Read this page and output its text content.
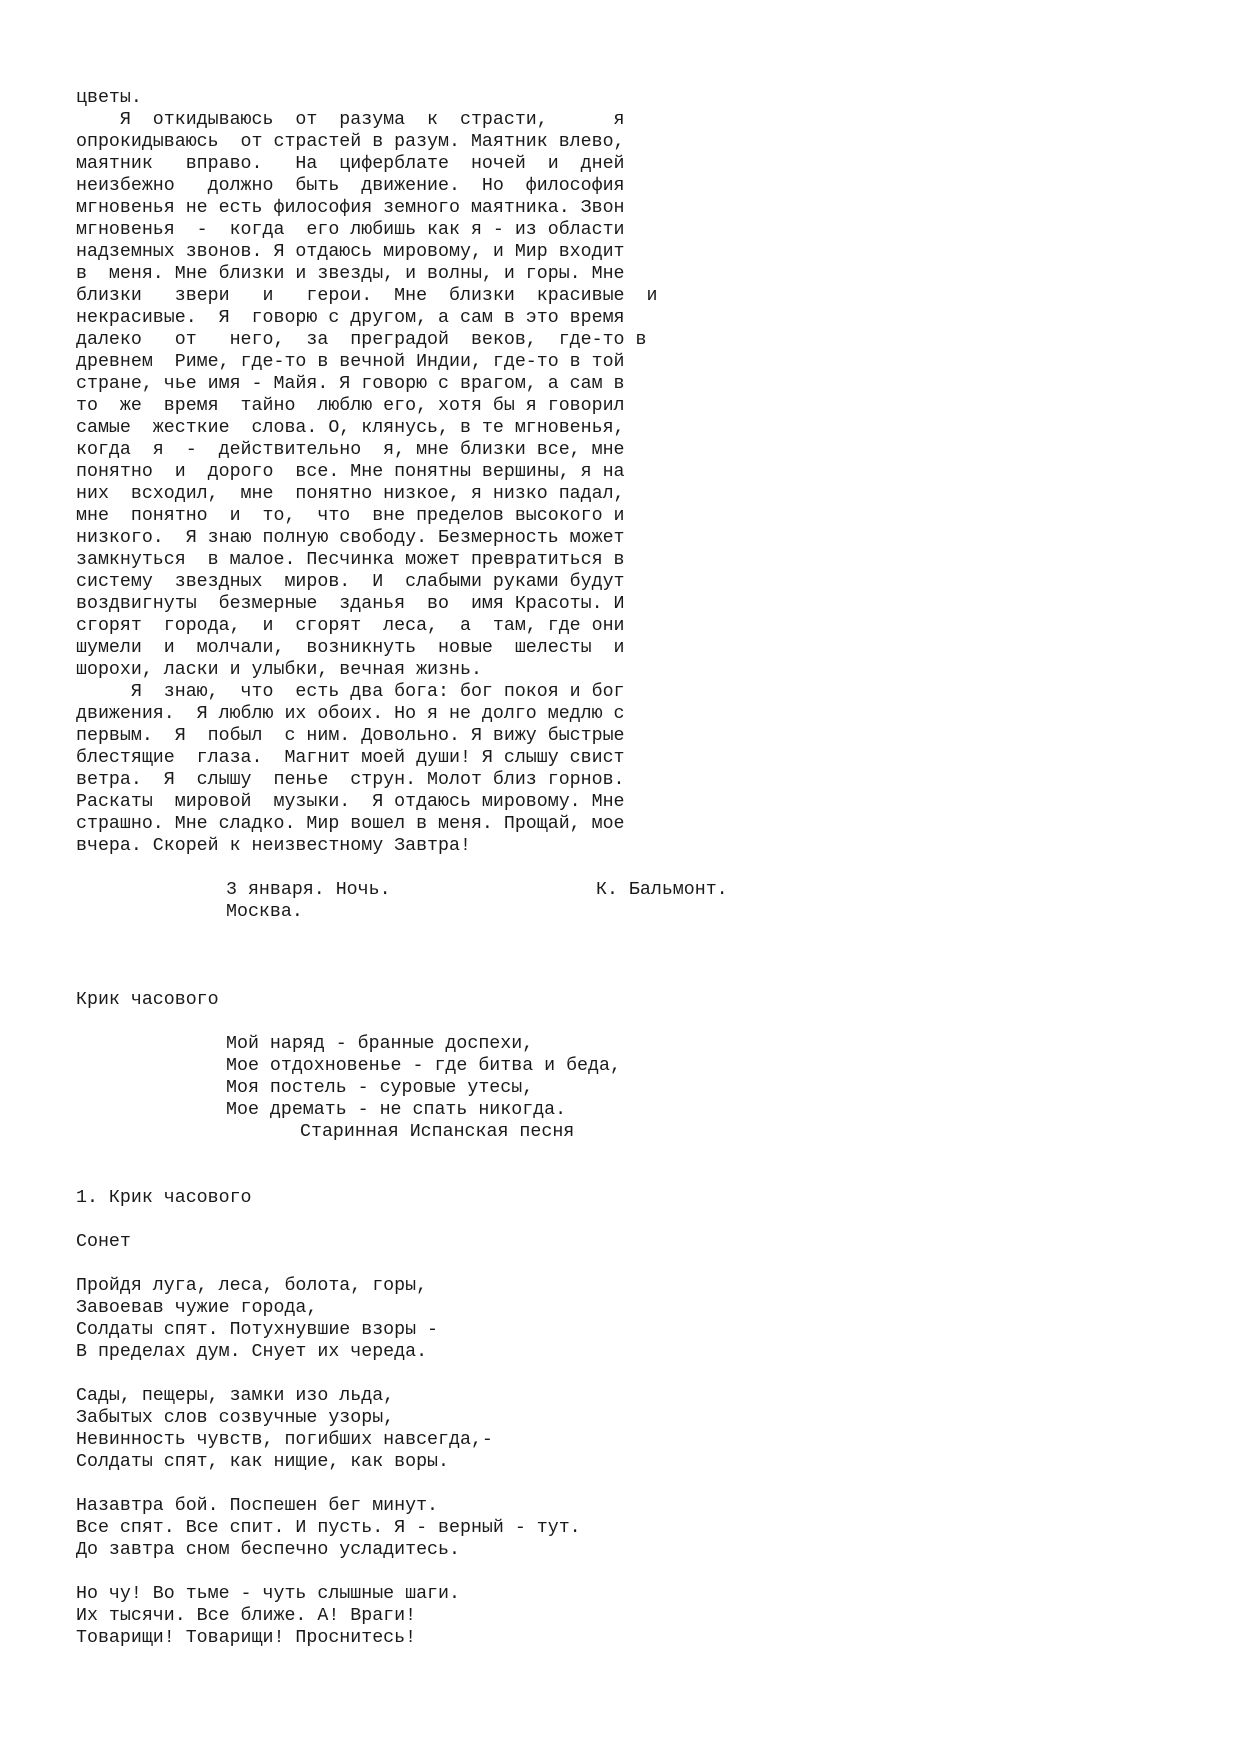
цветы.
Я  откидываюсь  от  разума  к  страсти,      я
опрокидываюсь  от страстей в разум. Маятник влево,
маятник   вправо.   На  циферблате  ночей  и  дней
неизбежно   должно  быть  движение.  Но  философия
мгновенья не есть философия земного маятника. Звон
мгновенья  -  когда  его любишь как я - из области
надземных звонов. Я отдаюсь мировому, и Мир входит
в  меня. Мне близки и звезды, и волны, и горы. Мне
близки   звери   и   герои.  Мне  близки  красивые  и
некрасивые.  Я  говорю с другом, а сам в это время
далеко   от   него,  за  преградой  веков,  где-то в
древнем  Риме, где-то в вечной Индии, где-то в той
стране, чье имя - Майя. Я говорю с врагом, а сам в
то  же  время  тайно  люблю его, хотя бы я говорил
самые  жесткие  слова. О, клянусь, в те мгновенья,
когда  я  -  действительно  я, мне близки все, мне
понятно  и  дорого  все. Мне понятны вершины, я на
них  всходил,  мне  понятно низкое, я низко падал,
мне  понятно  и  то,  что  вне пределов высокого и
низкого.  Я знаю полную свободу. Безмерность может
замкнуться  в малое. Песчинка может превратиться в
систему  звездных  миров.  И  слабыми руками будут
воздвигнуты  безмерные  зданья  во  имя Красоты. И
сгорят  города,  и  сгорят  леса,  а  там, где они
шумели  и  молчали,  возникнуть  новые  шелесты  и
шорохи, ласки и улыбки, вечная жизнь.
Я  знаю,  что  есть два бога: бог покоя и бог
движения.  Я люблю их обоих. Но я не долго медлю с
первым.  Я  побыл  с ним. Довольно. Я вижу быстрые
блестящие  глаза.  Магнит моей души! Я слышу свист
ветра.  Я  слышу  пенье  струн. Молот близ горнов.
Раскаты  мировой  музыки.  Я отдаюсь мировому. Мне
страшно. Мне сладко. Мир вошел в меня. Прощай, мое
вчера. Скорей к неизвестному Завтра!
3 января. Ночь.	К. Бальмонт.
Москва.
Крик часового
Мой наряд - бранные доспехи,
Мое отдохновенье - где битва и беда,
Моя постель - суровые утесы,
Мое дремать - не спать никогда.
Старинная Испанская песня
1. Крик часового
Сонет
Пройдя луга, леса, болота, горы,
Завоевав чужие города,
Солдаты спят. Потухнувшие взоры -
В пределах дум. Снует их череда.
Сады, пещеры, замки изо льда,
Забытых слов созвучные узоры,
Невинность чувств, погибших навсегда,-
Солдаты спят, как нищие, как воры.
Назавтра бой. Поспешен бег минут.
Все спят. Все спит. И пусть. Я - верный - тут.
До завтра сном беспечно усладитесь.
Но чу! Во тьме - чуть слышные шаги.
Их тысячи. Все ближе. А! Враги!
Товарищи! Товарищи! Проснитесь!
